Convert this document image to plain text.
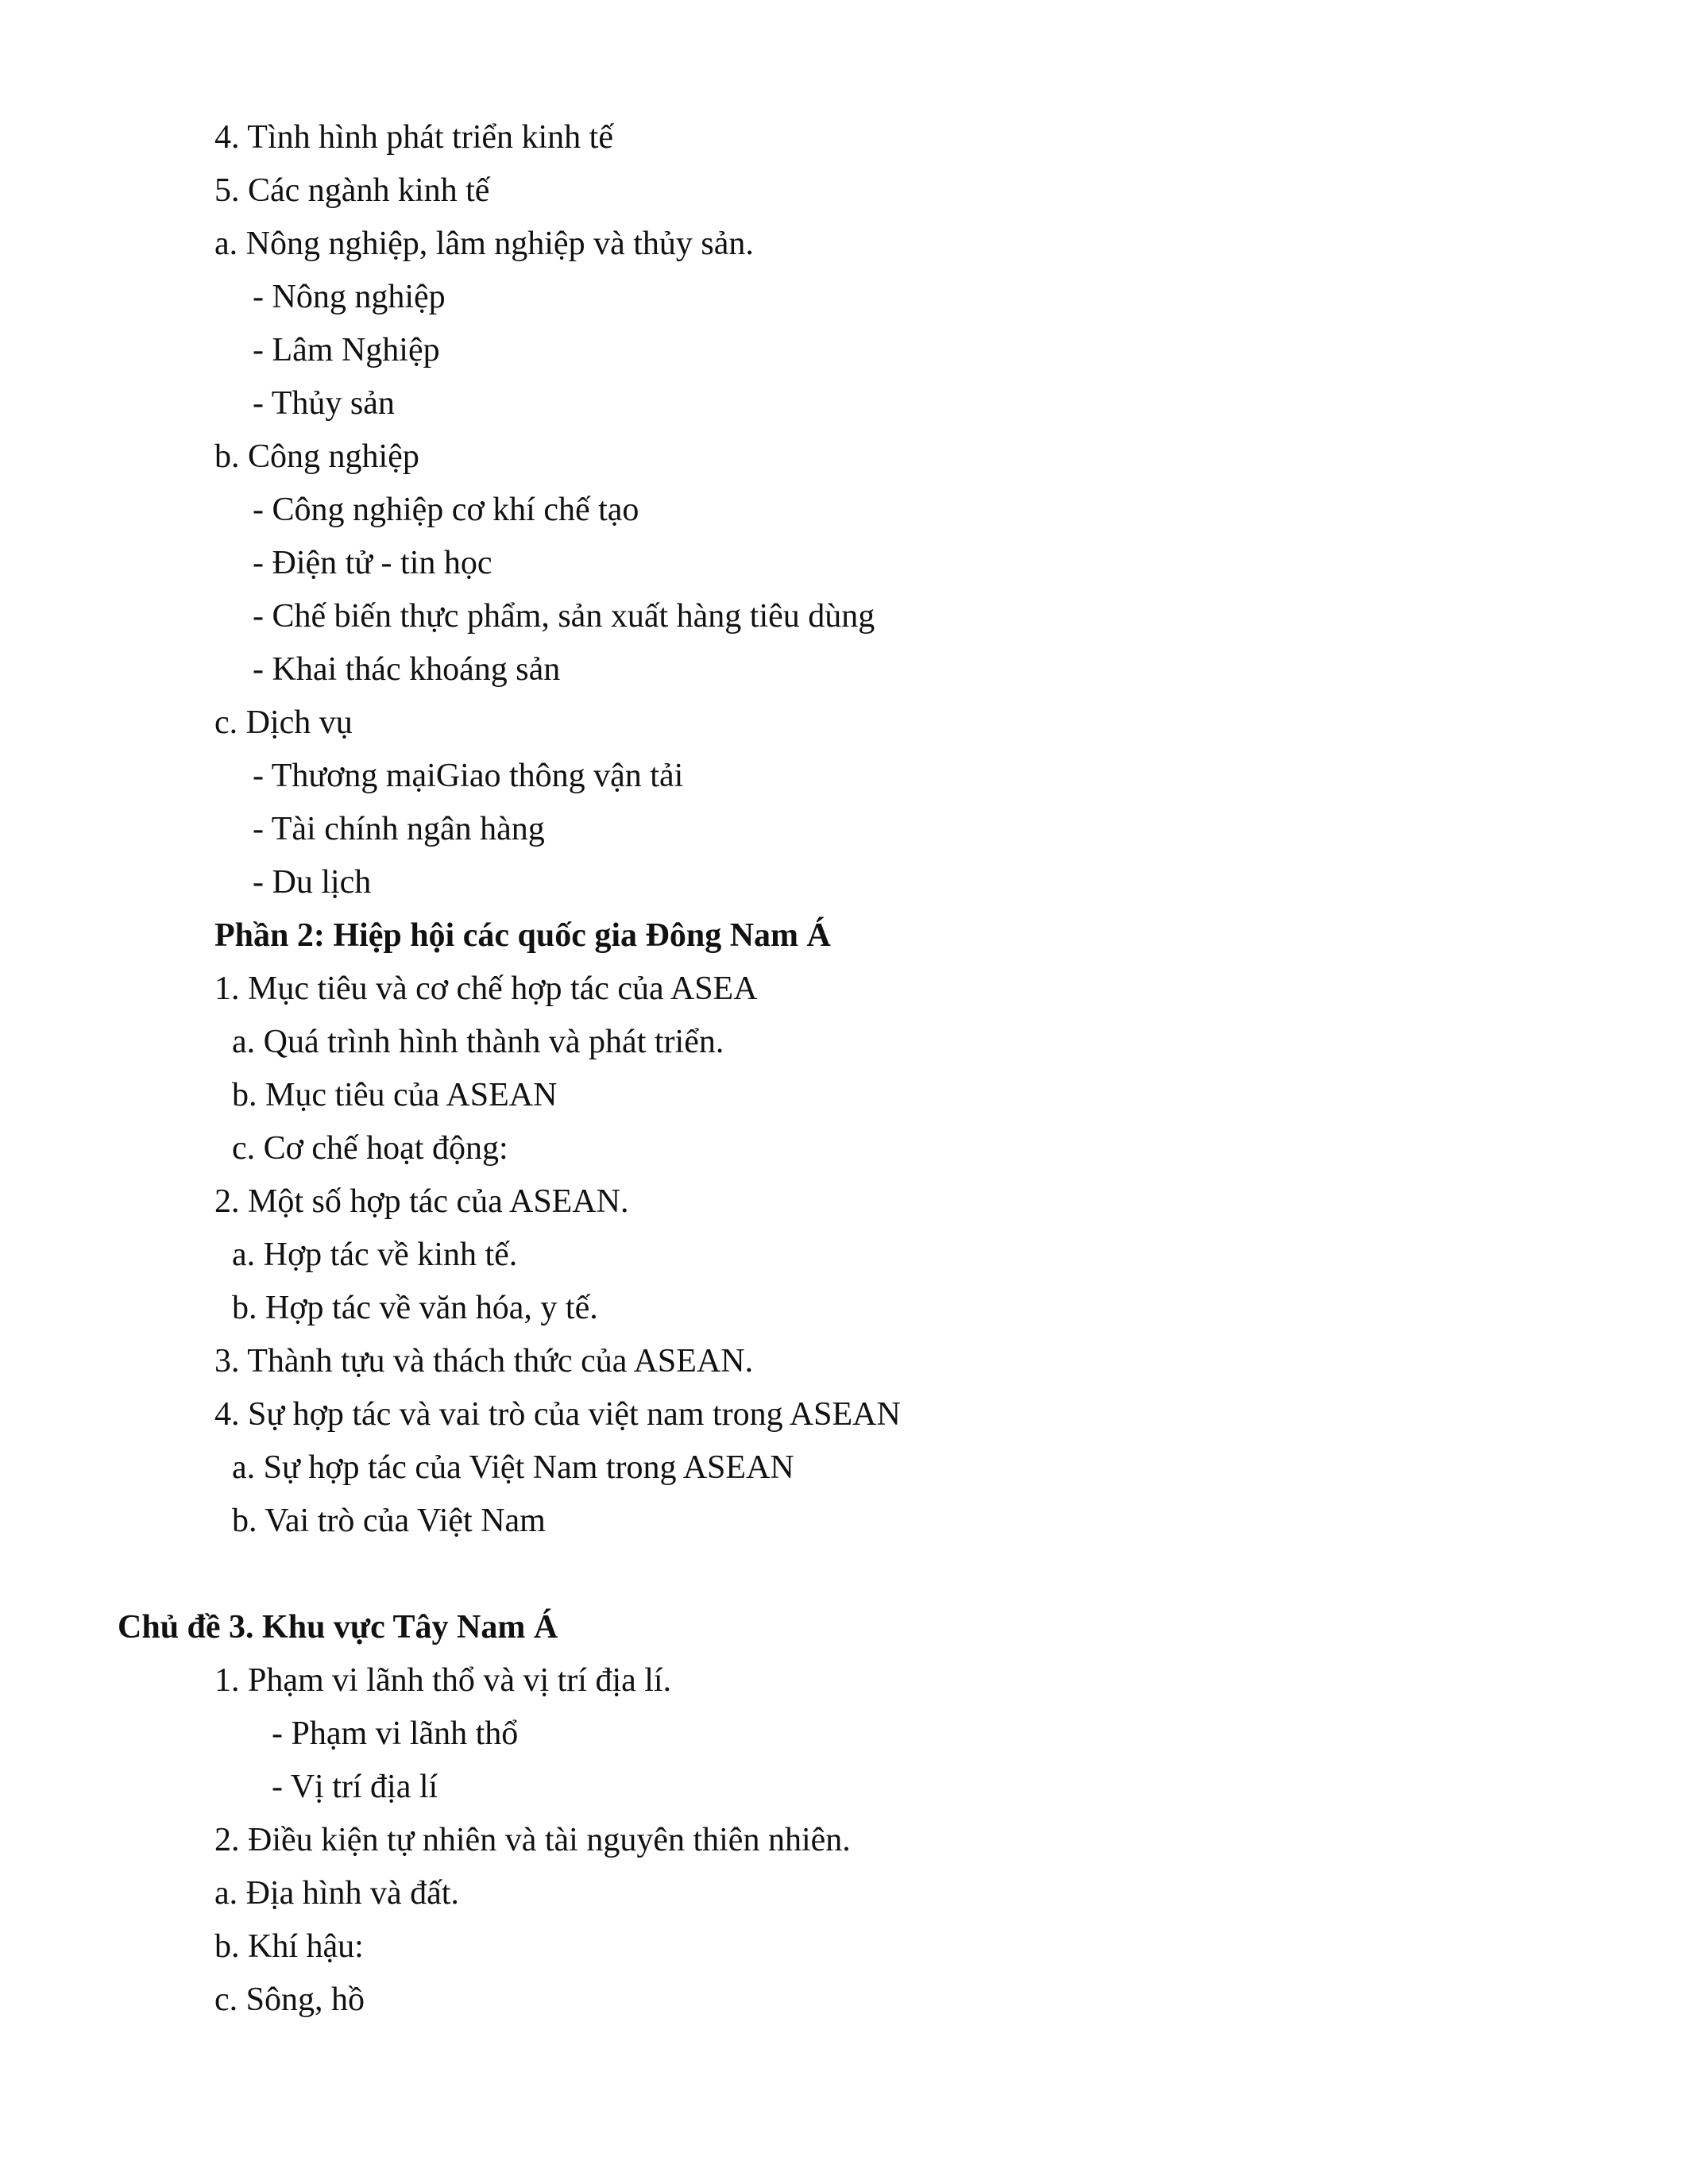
4. Tình hình phát triển kinh tế
5. Các ngành kinh tế
a. Nông nghiệp, lâm nghiệp và thủy sản.
- Nông nghiệp
- Lâm Nghiệp
- Thủy sản
b. Công nghiệp
- Công nghiệp cơ khí chế tạo
- Điện tử - tin học
- Chế biến thực phẩm, sản xuất hàng tiêu dùng
- Khai thác khoáng sản
c. Dịch vụ
- Thương mạiGiao thông vận tải
- Tài chính ngân hàng
- Du lịch
Phần 2: Hiệp hội các quốc gia Đông Nam Á
1. Mục tiêu và cơ chế hợp tác của ASEA
a. Quá trình hình thành và phát triển.
b. Mục tiêu của ASEAN
c. Cơ chế hoạt động:
2. Một số hợp tác của ASEAN.
a. Hợp tác về kinh tế.
b. Hợp tác về văn hóa, y tế.
3. Thành tựu và thách thức của ASEAN.
4. Sự hợp tác và vai trò của việt nam trong ASEAN
a. Sự hợp tác của Việt Nam trong ASEAN
b. Vai trò của Việt Nam
Chủ đề 3. Khu vực Tây Nam Á
1. Phạm vi lãnh thổ và vị trí địa lí.
- Phạm vi lãnh thổ
- Vị trí địa lí
2. Điều kiện tự nhiên và tài nguyên thiên nhiên.
a. Địa hình và đất.
b. Khí hậu:
c. Sông, hồ
